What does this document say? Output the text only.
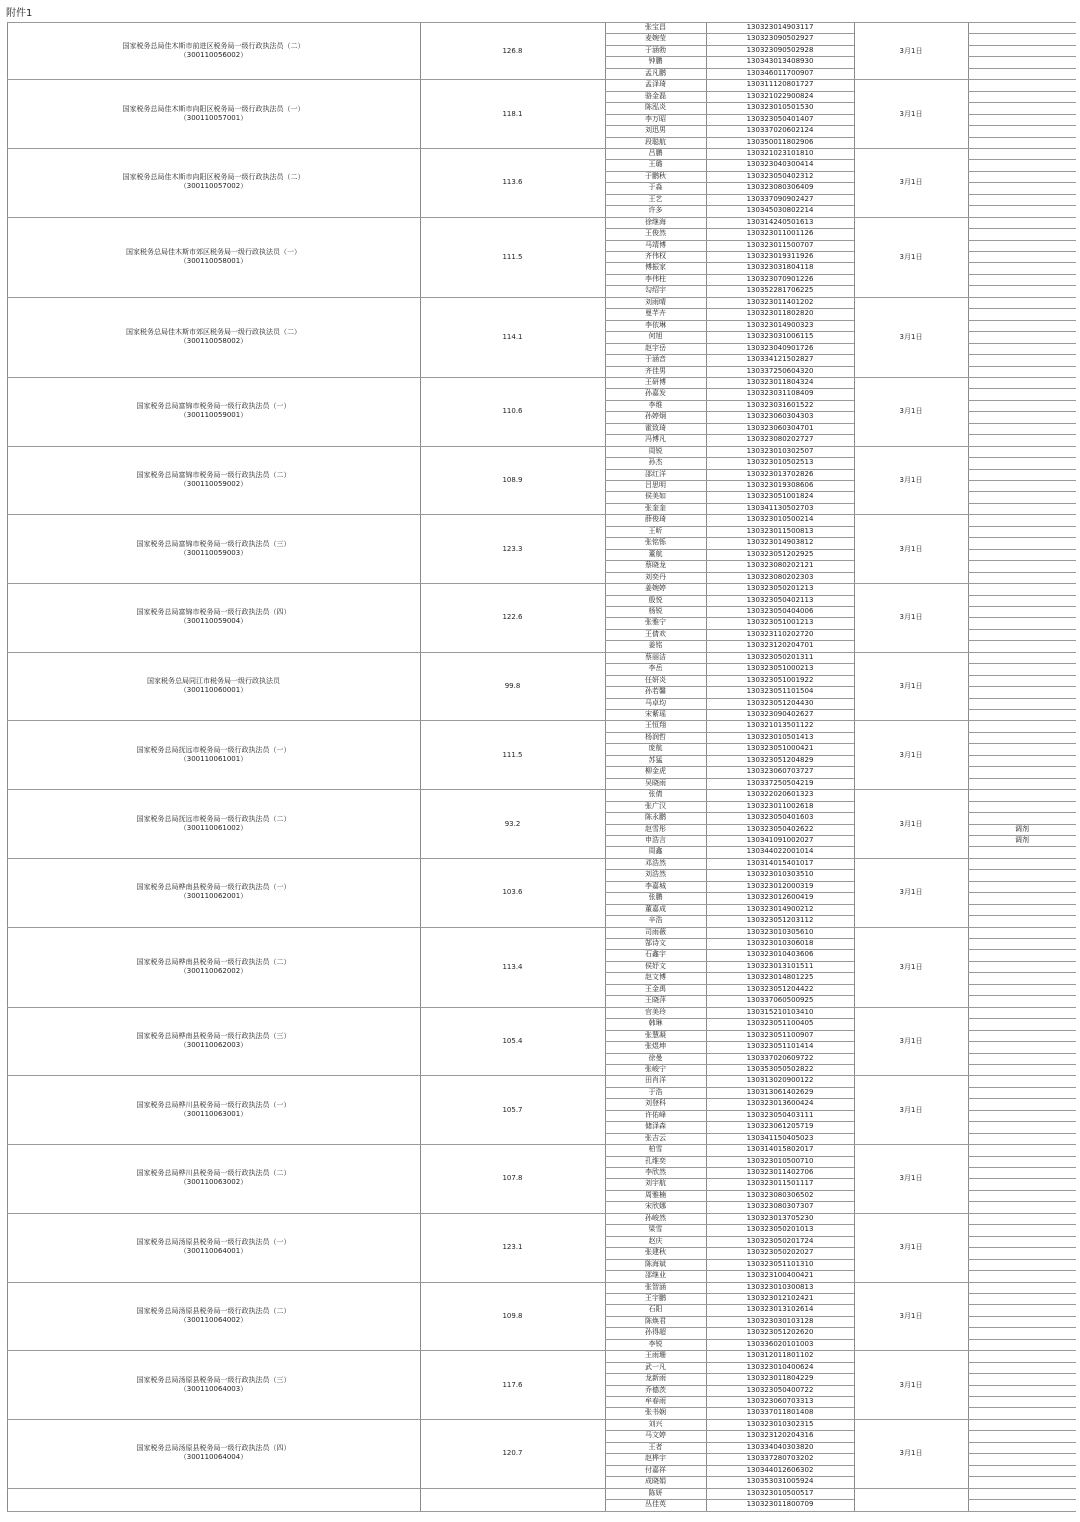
附件1
国家税务总局佳木斯市前进区税务局一级行政执法员（二）
（300110056002）	126.8	3月1日
张宝昌	130323014903117
麦婉莹	130323090502927
于涵勃	130323090502928
钟鹏	130343013408930
孟凡鹏	130346011700907
国家税务总局佳木斯市向阳区税务局一级行政执法员（一）
（300110057001）	118.1	3月1日
孟泽琦	130311120801727
骆金磊	130321022900824
陈泓炎	130323010501530
李万昭	130323050401407
刘迅男	130337020602124
段聪航	130350011802906
国家税务总局佳木斯市向阳区税务局一级行政执法员（二）
（300110057002）	113.6	3月1日
吕鹏	130321023101810
王璐	130323040300414
于鹏秋	130323050402312
于淼	130323080306409
王艺	130337090902427
许多	130345030802214
国家税务总局佳木斯市郊区税务局一级行政执法员（一）
（300110058001）	111.5	3月1日
徐继海	130314240501613
王俊然	130323011001126
马靖博	130323011500707
齐伟权	130323019311926
傅振家	130323031804118
李伟柱	130323070901226
勾绍宇	130352281706225
国家税务总局佳木斯市郊区税务局一级行政执法员（二）
（300110058002）	114.1	3月1日
刘雨晴	130323011401202
曼芊卉	130323011802820
李依琳	130323014900323
何旭	130323031006115
赵宇岳	130323040901726
于涵音	130334121502827
齐佳男	130337250604320
国家税务总局富锦市税务局一级行政执法员（一）
（300110059001）	110.6	3月1日
王研博	130323011804324
孙嘉发	130323031108409
李维	130323031601522
孙婷炯	130323060304303
霍致琦	130323060304701
冯博凡	130323080202727
国家税务总局富锦市税务局一级行政执法员（二）
（300110059002）	108.9	3月1日
周锐	130323010302507
孙杰	130323010502513
邵红洋	130323013702826
吕思明	130323019308606
侯美如	130323051001824
张奎奎	130341130502703
国家税务总局富锦市税务局一级行政执法员（三）
（300110059003）	123.3	3月1日
薛俊琦	130323010500214
王昕	130323011500813
张铭铄	130323014903812
董航	130323051202925
蔡晓龙	130323080202121
刘奕丹	130323080202303
国家税务总局富锦市税务局一级行政执法员（四）
（300110059004）	122.6	3月1日
姜婉婷	130323050201213
殷悦	130323050402113
杨锐	130323050404006
张雅宁	130323051001213
王倩欢	130323110202720
姜铭	130323120204701
国家税务总局同江市税务局一级行政执法员
（300110060001）	99.8	3月1日
蔡丽洁	130323050201311
李岳	130323051000213
任妍炎	130323051001922
孙若馨	130323051101504
马卓均	130323051204430
宋紫瑶	130323090402627
国家税务总局抚远市税务局一级行政执法员（一）
（300110061001）	111.5	3月1日
王恒翔	130321013501122
杨润哲	130323010501413
庞航	130323051000421
苏猛	130323051204829
柳金虎	130323060703727
吴晓雨	130337250504219
国家税务总局抚远市税务局一级行政执法员（二）
（300110061002）	93.2	3月1日
张倩	130322020601323
张广汉	130323011002618
陈永鹏	130323050401603
赵雪彤	130323050402622	调剂
申浩言	130341091002027	调剂
周鑫	130344022001014
国家税务总局桦南县税务局一级行政执法员（一）
（300110062001）	103.6	3月1日
邓浩然	130314015401017
刘浩然	130323010303510
李嘉城	130323012000319
张鹏	130323012600419
董嘉成	130323014900212
辛浩	130323051203112
国家税务总局桦南县税务局一级行政执法员（二）
（300110062002）	113.4	3月1日
司雨薇	130323010305610
郜诗文	130323010306018
石鑫宇	130323010403606
侯妤文	130323013101511
赵文博	130323014801225
王金禹	130323051204422
王晓萍	130337060500925
国家税务总局桦南县税务局一级行政执法员（三）
（300110062003）	105.4	3月1日
官美玲	130315210103410
韩琳	130323051100405
张慧凝	130323051100907
张煜坤	130323051101414
徐曼	130337020609722
张峻宁	130353050502822
国家税务总局桦川县税务局一级行政执法员（一）
（300110063001）	105.7	3月1日
田肖洋	130313020900122
于浩	130313061402629
刘登科	130323013600424
许佑峰	130323050403111
储泽森	130323061205719
张吉云	130341150405023
国家税务总局桦川县税务局一级行政执法员（二）
（300110063002）	107.8	3月1日
柏雪	130314015802017
孔维奕	130323010500710
李欣然	130323011402706
刘宇航	130323011501117
周雅楠	130323080306502
宋欣娜	130323080307307
国家税务总局汤原县税务局一级行政执法员（一）
（300110064001）	123.1	3月1日
孙峻然	130323013705230
梁雪	130323050201013
赵庆	130323050201724
张建秋	130323050202027
陈海斌	130323051101310
邵继业	130323100400421
国家税务总局汤原县税务局一级行政执法员（二）
（300110064002）	109.8	3月1日
张智涵	130323010300813
王宇鹏	130323012102421
石阳	130323013102614
陈焕君	130323030103128
孙得超	130323051202620
李锐	130336020101003
国家税务总局汤原县税务局一级行政执法员（三）
（300110064003）	117.6	3月1日
王雨珊	130312011801102
武一凡	130323010400624
龙新雨	130323011804229
乔德茨	130323050400722
牟春雨	130323060703313
张书娴	130337011801408
国家税务总局汤原县税务局一级行政执法员（四）
（300110064004）	120.7	3月1日
刘兴	130323010302315
马文婷	130323120204316
王者	130334040303820
赵桦宇	130337280703202
付嘉祥	130344012606302
成晓娟	130353031005924
陈妍	130323010500517
丛佳英	130323011800709
